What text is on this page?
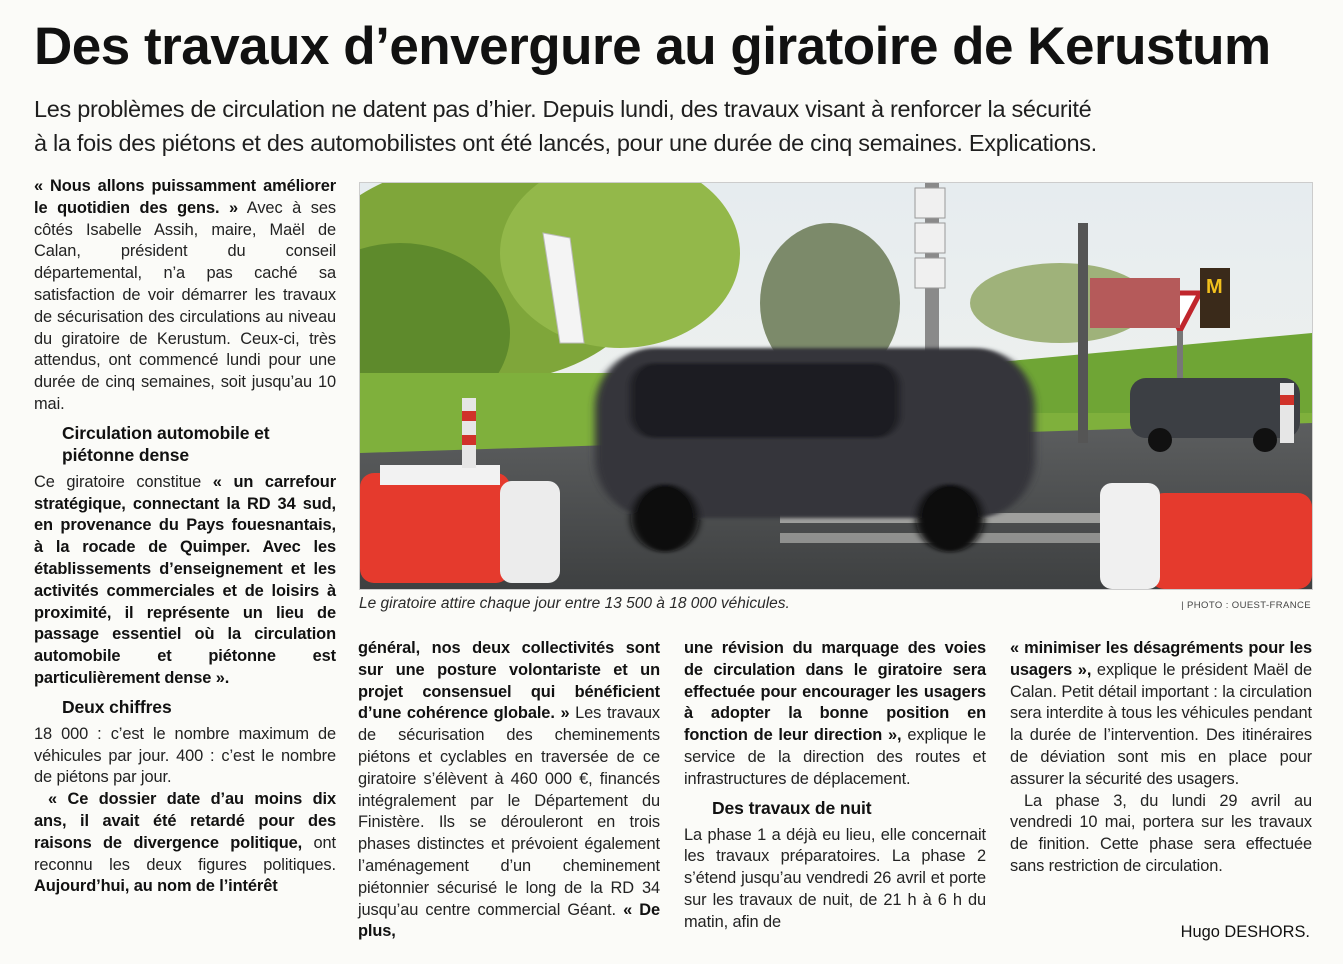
Des travaux d’envergure au giratoire de Kerustum

Les problèmes de circulation ne datent pas d’hier. Depuis lundi, des travaux visant à renforcer la sécurité
à la fois des piétons et des automobilistes ont été lancés, pour une durée de cinq semaines. Explications.

« Nous allons puissamment améliorer le quotidien des gens. » Avec à ses côtés Isabelle Assih, maire, Maël de Calan, président du conseil départemental, n’a pas caché sa satisfaction de voir démarrer les travaux de sécurisation des circulations au niveau du giratoire de Kerustum. Ceux-ci, très attendus, ont commencé lundi pour une durée de cinq semaines, soit jusqu’au 10 mai.

Circulation automobile et piétonne dense

Ce giratoire constitue « un carrefour stratégique, connectant la RD 34 sud, en provenance du Pays fouesnantais, à la rocade de Quimper. Avec les établissements d’enseignement et les activités commerciales et de loisirs à proximité, il représente un lieu de passage essentiel où la circulation automobile et piétonne est particulièrement dense ».

Deux chiffres

18 000 : c’est le nombre maximum de véhicules par jour. 400 : c’est le nombre de piétons par jour.

« Ce dossier date d’au moins dix ans, il avait été retardé pour des raisons de divergence politique, ont reconnu les deux figures politiques. Aujourd’hui, au nom de l’intérêt

M
Le giratoire attire chaque jour entre 13 500 à 18 000 véhicules.	| PHOTO : OUEST-FRANCE

général, nos deux collectivités sont sur une posture volontariste et un projet consensuel qui bénéficient d’une cohérence globale. » Les travaux de sécurisation des cheminements piétons et cyclables en traversée de ce giratoire s’élèvent à 460 000 €, financés intégralement par le Département du Finistère. Ils se dérouleront en trois phases distinctes et prévoient également l’aménagement d’un cheminement piétonnier sécurisé le long de la RD 34 jusqu’au centre commercial Géant. « De plus,

une révision du marquage des voies de circulation dans le giratoire sera effectuée pour encourager les usagers à adopter la bonne position en fonction de leur direction », explique le service de la direction des routes et infrastructures de déplacement.

Des travaux de nuit

La phase 1 a déjà eu lieu, elle concernait les travaux préparatoires. La phase 2 s’étend jusqu’au vendredi 26 avril et porte sur les travaux de nuit, de 21 h à 6 h du matin, afin de

« minimiser les désagréments pour les usagers », explique le président Maël de Calan. Petit détail important : la circulation sera interdite à tous les véhicules pendant la durée de l’intervention. Des itinéraires de déviation sont mis en place pour assurer la sécurité des usagers.

La phase 3, du lundi 29 avril au vendredi 10 mai, portera sur les travaux de finition. Cette phase sera effectuée sans restriction de circulation.

Hugo DESHORS.
